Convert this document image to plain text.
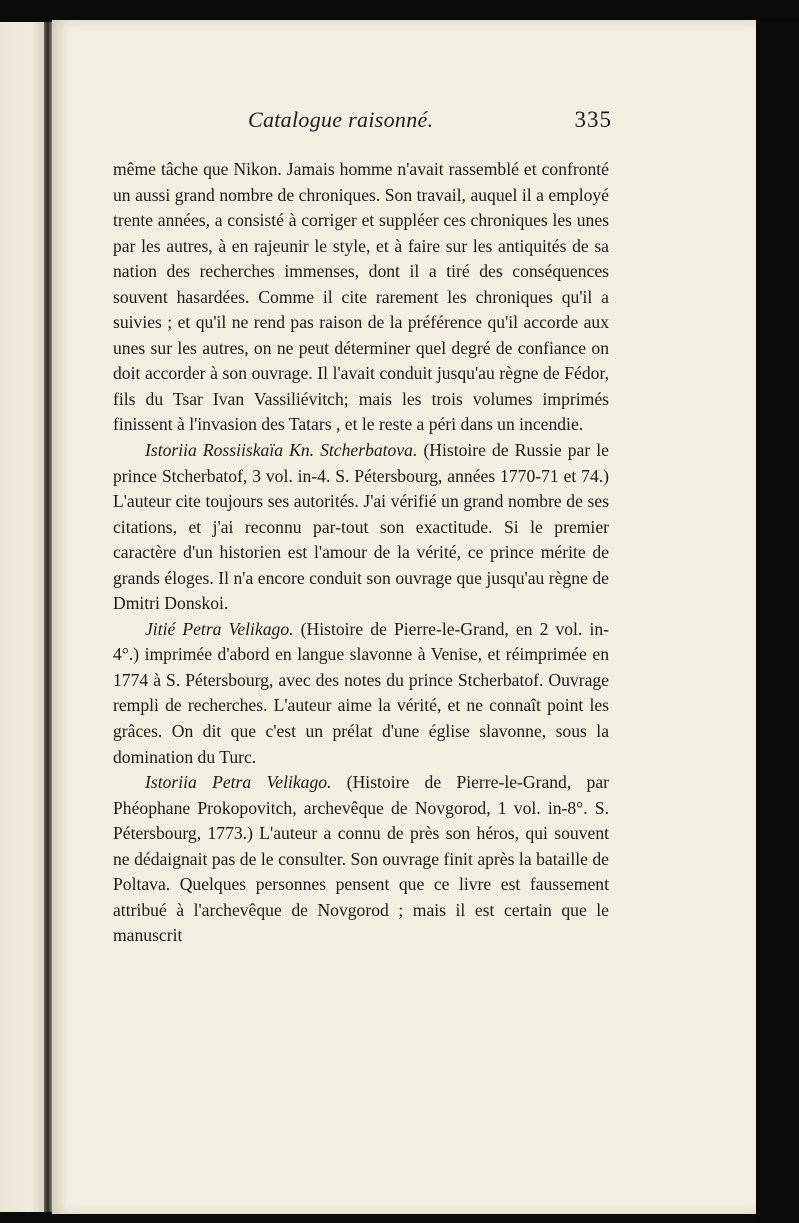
Catalogue raisonné.	335

même tâche que Nikon. Jamais homme n'avait rassemblé et confronté un aussi grand nombre de chroniques. Son travail, auquel il a employé trente années, a consisté à corriger et suppléer ces chroniques les unes par les autres, à en rajeunir le style, et à faire sur les antiquités de sa nation des recherches immenses, dont il a tiré des conséquences souvent hasardées. Comme il cite rarement les chroniques qu'il a suivies ; et qu'il ne rend pas raison de la préférence qu'il accorde aux unes sur les autres, on ne peut déterminer quel degré de confiance on doit accorder à son ouvrage. Il l'avait conduit jusqu'au règne de Fédor, fils du Tsar Ivan Vassiliévitch; mais les trois volumes imprimés finissent à l'invasion des Tatars , et le reste a péri dans un incendie.

Istoriia Rossiiskaïa Kn. Stcherbatova. (Histoire de Russie par le prince Stcherbatof, 3 vol. in-4. S. Pétersbourg, années 1770-71 et 74.) L'auteur cite toujours ses autorités. J'ai vérifié un grand nombre de ses citations, et j'ai reconnu par-tout son exactitude. Si le premier caractère d'un historien est l'amour de la vérité, ce prince mérite de grands éloges. Il n'a encore conduit son ouvrage que jusqu'au règne de Dmitri Donskoi.

Jitié Petra Velikago. (Histoire de Pierre-le-Grand, en 2 vol. in-4°.) imprimée d'abord en langue slavonne à Venise, et réimprimée en 1774 à S. Pétersbourg, avec des notes du prince Stcherbatof. Ouvrage rempli de recherches. L'auteur aime la vérité, et ne connaît point les grâces. On dit que c'est un prélat d'une église slavonne, sous la domination du Turc.

Istoriia Petra Velikago. (Histoire de Pierre-le-Grand, par Phéophane Prokopovitch, archevêque de Novgorod, 1 vol. in-8°. S. Pétersbourg, 1773.) L'auteur a connu de près son héros, qui souvent ne dédaignait pas de le consulter. Son ouvrage finit après la bataille de Poltava. Quelques personnes pensent que ce livre est faussement attribué à l'archevêque de Novgorod ; mais il est certain que le manuscrit
